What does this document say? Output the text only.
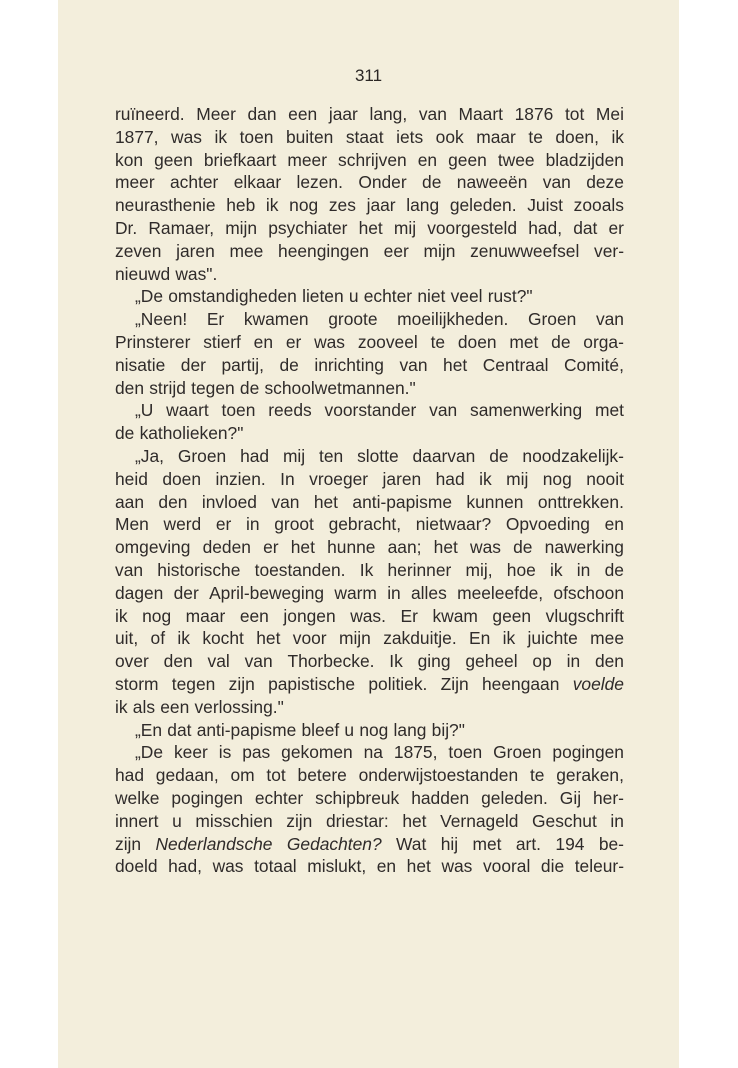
311
ruïneerd. Meer dan een jaar lang, van Maart 1876 tot Mei
1877, was ik toen buiten staat iets ook maar te doen, ik
kon geen briefkaart meer schrijven en geen twee bladzijden
meer achter elkaar lezen. Onder de naweeën van deze
neurasthenie heb ik nog zes jaar lang geleden. Juist zooals
Dr. Ramaer, mijn psychiater het mij voorgesteld had, dat er
zeven jaren mee heengingen eer mijn zenuwweefsel ver-
nieuwd was".
„De omstandigheden lieten u echter niet veel rust?"
„Neen! Er kwamen groote moeilijkheden. Groen van
Prinsterer stierf en er was zooveel te doen met de orga-
nisatie der partij, de inrichting van het Centraal Comité,
den strijd tegen de schoolwetmannen."
„U waart toen reeds voorstander van samenwerking met
de katholieken?"
„Ja, Groen had mij ten slotte daarvan de noodzakelijk-
heid doen inzien. In vroeger jaren had ik mij nog nooit
aan den invloed van het anti-papisme kunnen onttrekken.
Men werd er in groot gebracht, nietwaar? Opvoeding en
omgeving deden er het hunne aan; het was de nawerking
van historische toestanden. Ik herinner mij, hoe ik in de
dagen der April-beweging warm in alles meeleefde, ofschoon
ik nog maar een jongen was. Er kwam geen vlugschrift
uit, of ik kocht het voor mijn zakduitje. En ik juichte mee
over den val van Thorbecke. Ik ging geheel op in den
storm tegen zijn papistische politiek. Zijn heengaan voelde
ik als een verlossing."
„En dat anti-papisme bleef u nog lang bij?"
„De keer is pas gekomen na 1875, toen Groen pogingen
had gedaan, om tot betere onderwijstoestanden te geraken,
welke pogingen echter schipbreuk hadden geleden. Gij her-
innert u misschien zijn driestar: het Vernageld Geschut in
zijn Nederlandsche Gedachten? Wat hij met art. 194 be-
doeld had, was totaal mislukt, en het was vooral die teleur-
